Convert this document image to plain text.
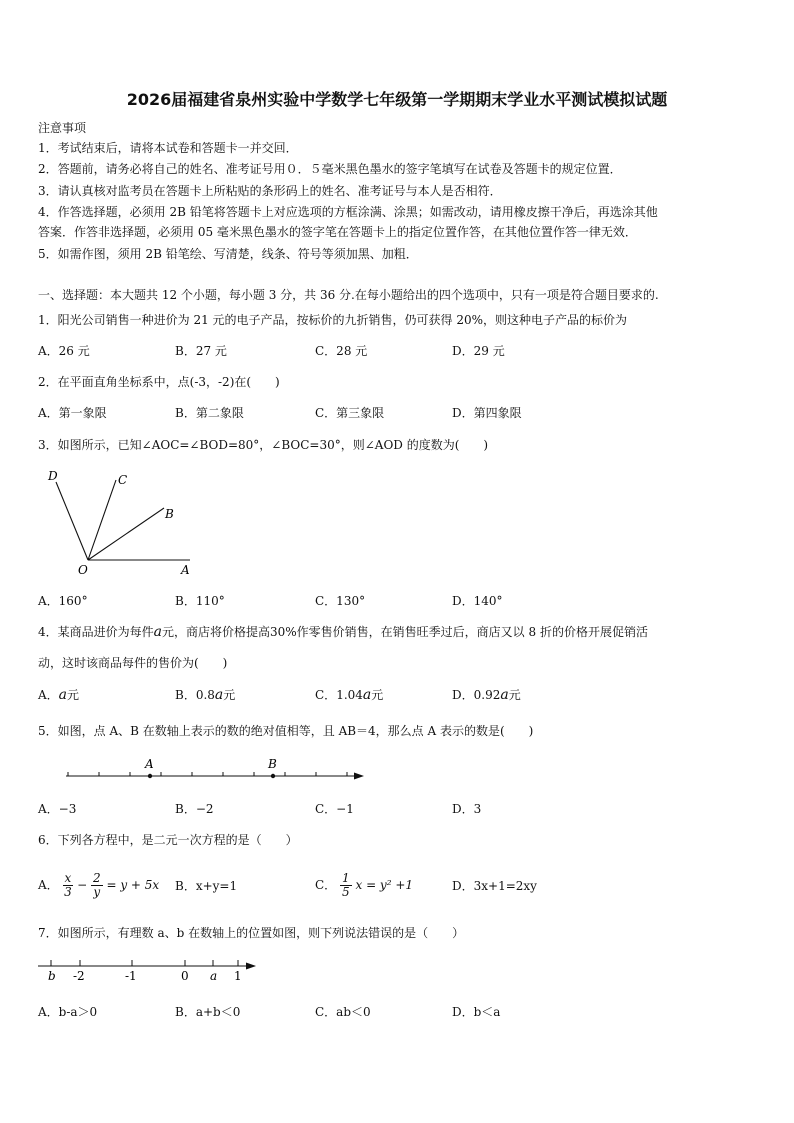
2026届福建省泉州实验中学数学七年级第一学期期末学业水平测试模拟试题
注意事项
1．考试结束后，请将本试卷和答题卡一并交回．
2．答题前，请务必将自己的姓名、准考证号用０．５毫米黑色墨水的签字笔填写在试卷及答题卡的规定位置．
3．请认真核对监考员在答题卡上所粘贴的条形码上的姓名、准考证号与本人是否相符．
4．作答选择题，必须用 2B 铅笔将答题卡上对应选项的方框涂满、涂黑；如需改动，请用橡皮擦干净后，再选涂其他
答案．作答非选择题，必须用 05 毫米黑色墨水的签字笔在答题卡上的指定位置作答，在其他位置作答一律无效．
5．如需作图，须用 2B 铅笔绘、写清楚，线条、符号等须加黑、加粗．
一、选择题：本大题共 12 个小题，每小题 3 分，共 36 分.在每小题给出的四个选项中，只有一项是符合题目要求的.
1．阳光公司销售一种进价为 21 元的电子产品，按标价的九折销售，仍可获得 20%，则这种电子产品的标价为
A．26 元	B．27 元	C．28 元	D．29 元
2．在平面直角坐标系中，点(-3，-2)在(　　)
A．第一象限	B．第二象限	C．第三象限	D．第四象限
3．如图所示，已知∠AOC=∠BOD=80°，∠BOC=30°，则∠AOD 的度数为(　　)
D	C
B
O	A
A．160°	B．110°	C．130°	D．140°
4．某商品进价为每件a元，商店将价格提高30%作零售价销售，在销售旺季过后，商店又以 8 折的价格开展促销活
动，这时该商品每件的售价为(　　)
A．a元	B．0.8a元	C．1.04a元	D．0.92a元
5．如图，点 A、B 在数轴上表示的数的绝对值相等，且 AB＝4，那么点 A 表示的数是(　　)
A	B
A．−3	B．−2	C．−1	D．3
6．下列各方程中，是二元一次方程的是（　　）
A． $\frac{x}{3} - \frac{2}{y} = y + 5x$ B．x+y=1	C． $\frac{1}{5}$ x = y² +1	D．3x+1=2xy
7．如图所示，有理数 a、b 在数轴上的位置如图，则下列说法错误的是（　　）
b -2	-1	0 a 1
A．b-a＞0	B．a+b＜0	C．ab＜0	D．b＜a
